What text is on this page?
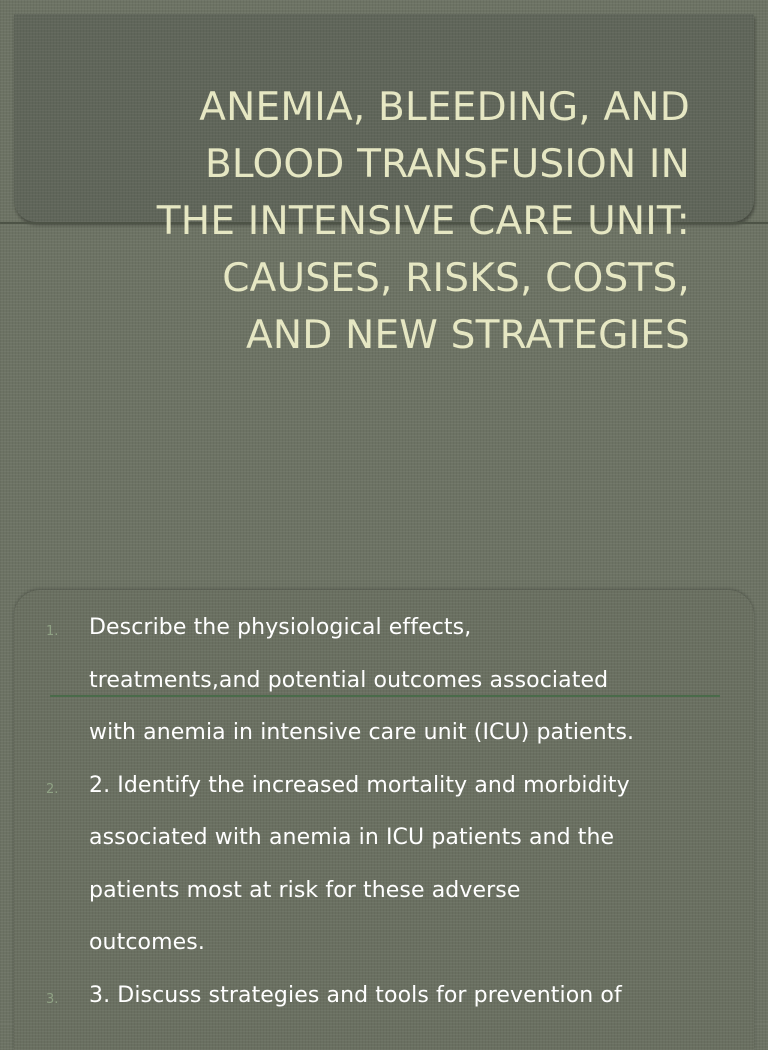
ANEMIA, BLEEDING, AND
BLOOD TRANSFUSION IN
THE INTENSIVE CARE UNIT:
CAUSES, RISKS, COSTS,
AND NEW STRATEGIES
1. Describe the physiological effects,
treatments,and potential outcomes associated
with anemia in intensive care unit (ICU) patients.
2. 2. Identify the increased mortality and morbidity
associated with anemia in ICU patients and the
patients most at risk for these adverse
outcomes.
3. 3. Discuss strategies and tools for prevention of
